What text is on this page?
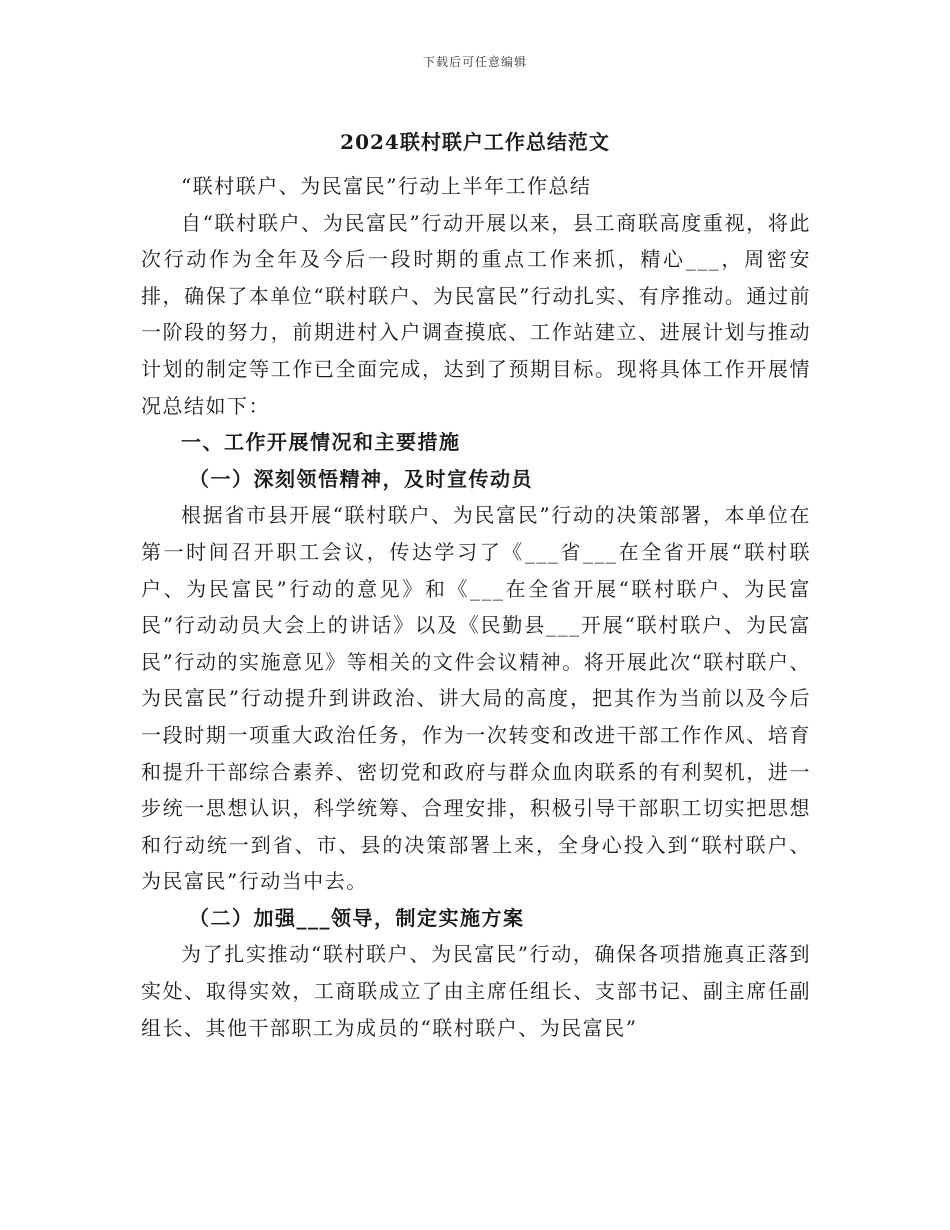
下载后可任意编辑
2024联村联户工作总结范文

“联村联户、为民富民”行动上半年工作总结

自“联村联户、为民富民”行动开展以来，县工商联高度重视，将此次行动作为全年及今后一段时期的重点工作来抓，精心___，周密安排，确保了本单位“联村联户、为民富民”行动扎实、有序推动。通过前一阶段的努力，前期进村入户调查摸底、工作站建立、进展计划与推动计划的制定等工作已全面完成，达到了预期目标。现将具体工作开展情况总结如下：

一、工作开展情况和主要措施

（一）深刻领悟精神，及时宣传动员

根据省市县开展“联村联户、为民富民”行动的决策部署，本单位在第一时间召开职工会议，传达学习了《___省___在全省开展“联村联户、为民富民”行动的意见》和《___在全省开展“联村联户、为民富民”行动动员大会上的讲话》以及《民勤县___开展“联村联户、为民富民”行动的实施意见》等相关的文件会议精神。将开展此次“联村联户、为民富民”行动提升到讲政治、讲大局的高度，把其作为当前以及今后一段时期一项重大政治任务，作为一次转变和改进干部工作作风、培育和提升干部综合素养、密切党和政府与群众血肉联系的有利契机，进一步统一思想认识，科学统筹、合理安排，积极引导干部职工切实把思想和行动统一到省、市、县的决策部署上来，全身心投入到“联村联户、为民富民”行动当中去。

（二）加强___领导，制定实施方案

为了扎实推动“联村联户、为民富民”行动，确保各项措施真正落到实处、取得实效，工商联成立了由主席任组长、支部书记、副主席任副组长、其他干部职工为成员的“联村联户、为民富民”
